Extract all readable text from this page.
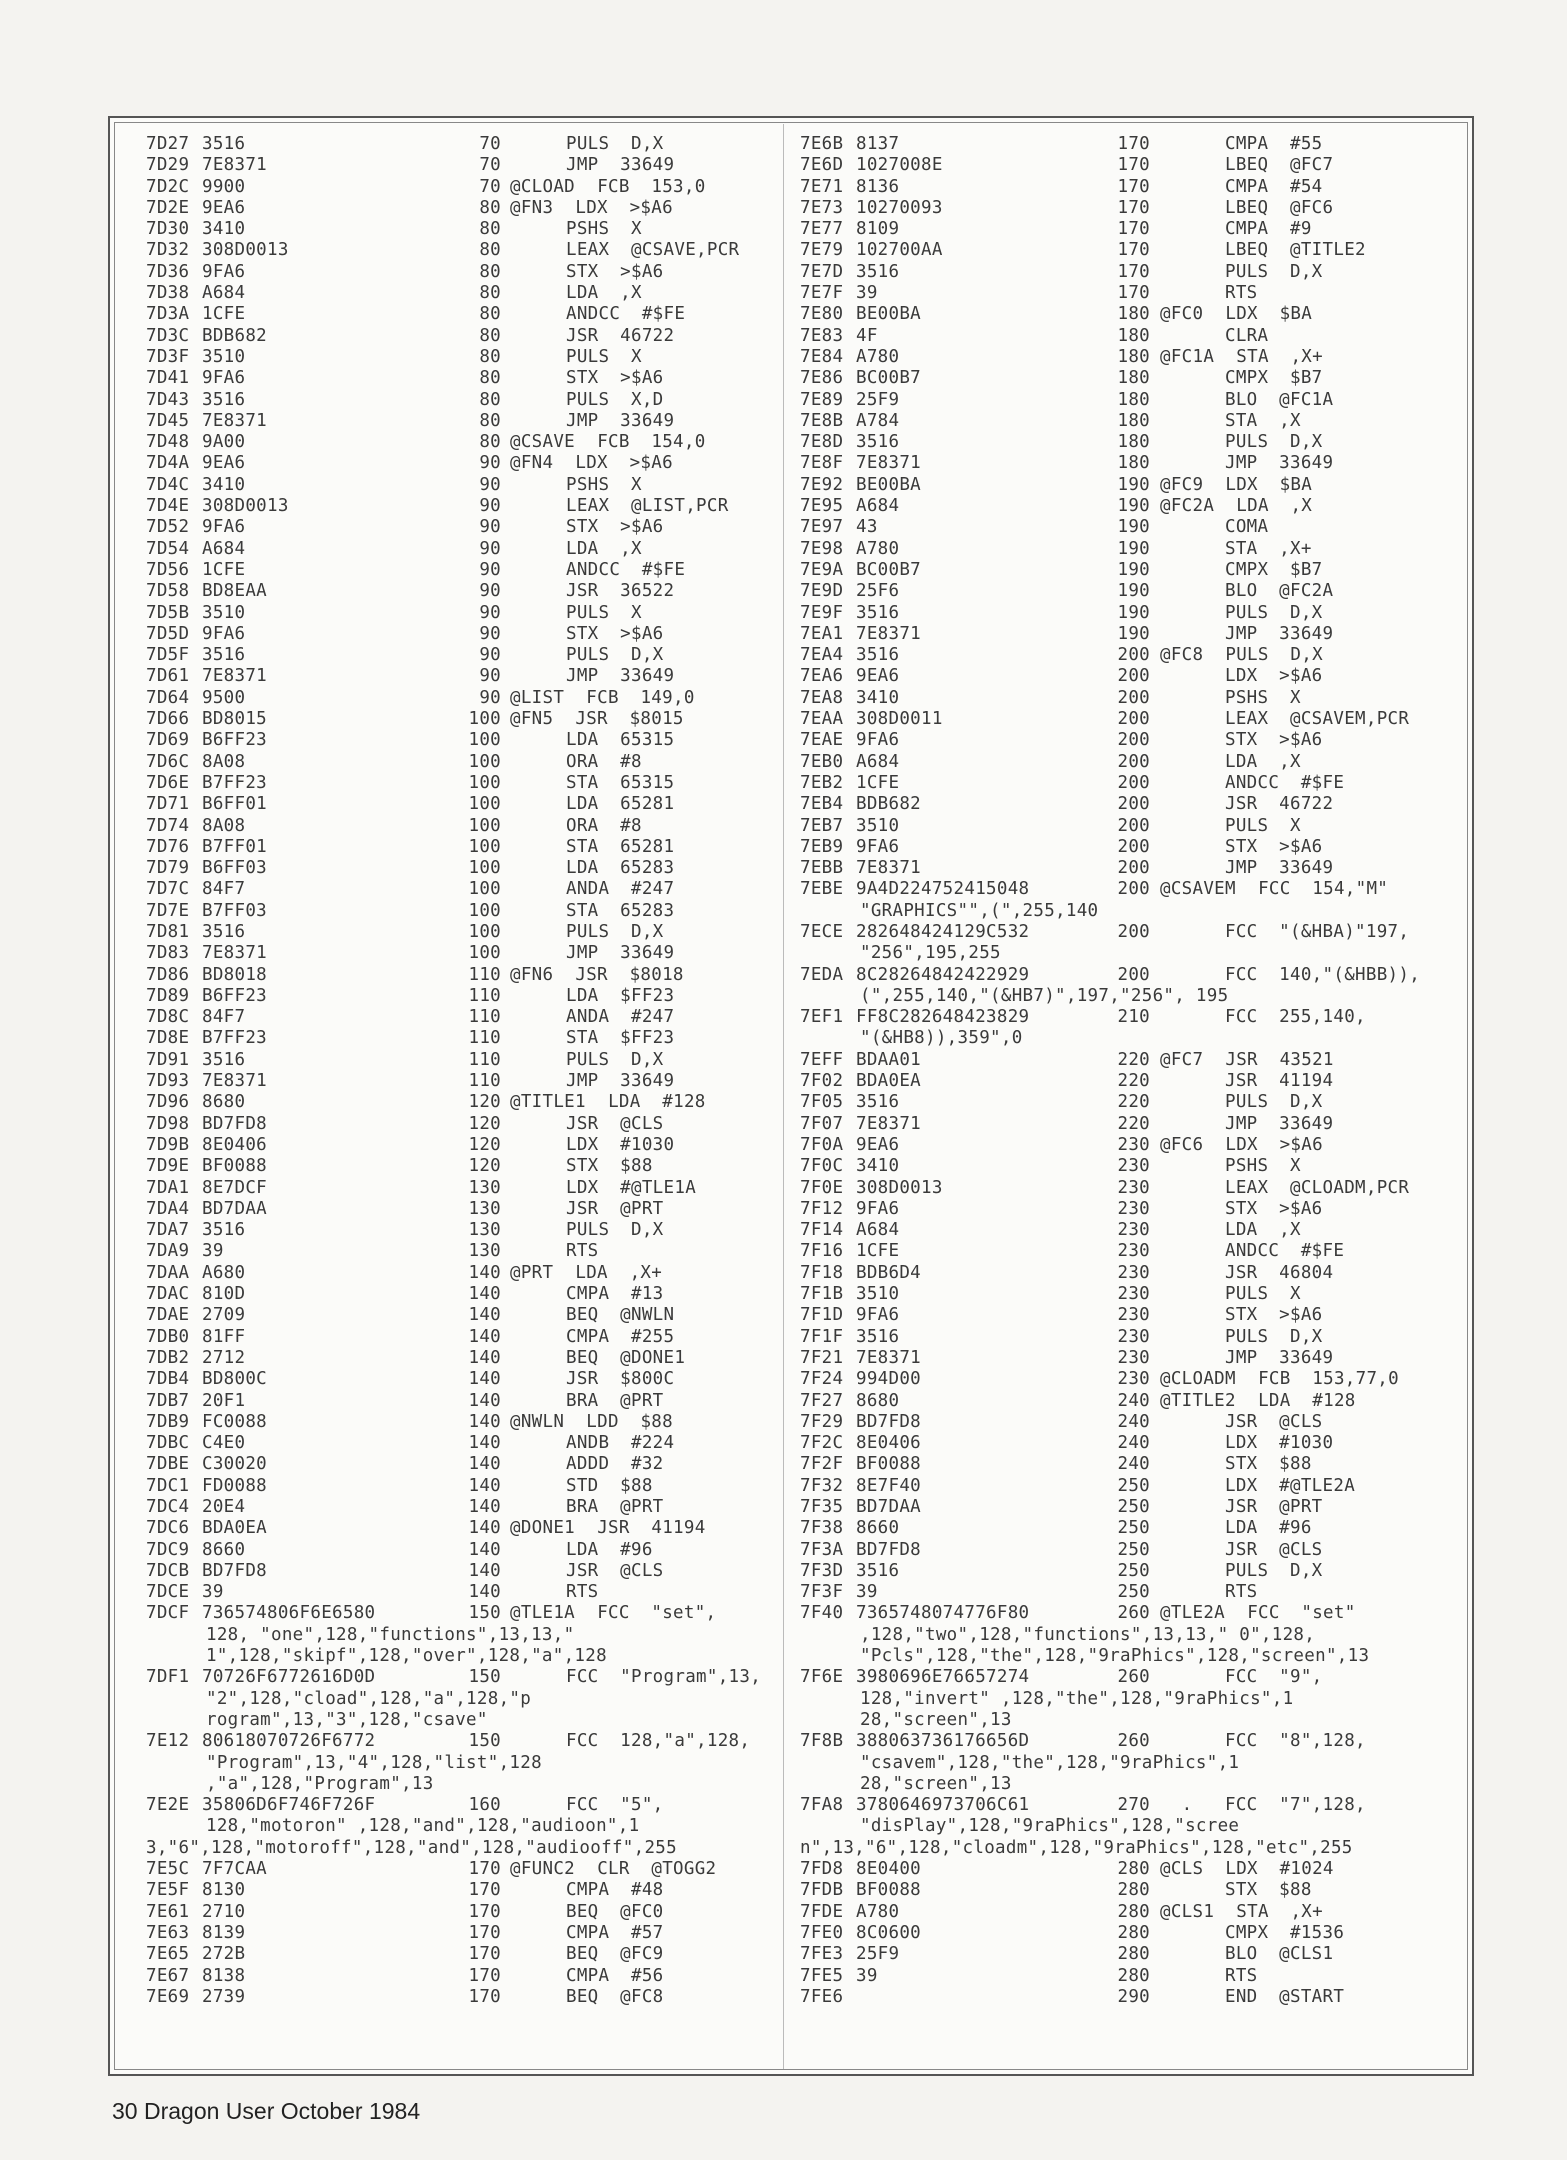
7D27 3516	70	PULS  D,X
7D29 7E8371	70	JMP  33649
7D2C 9900	70 @CLOAD FCB  153,0
7D2E 9EA6	80 @FN3 LDX  >$A6
7D30 3410	80	PSHS  X
7D32 308D0013	80	LEAX  @CSAVE,PCR
7D36 9FA6	80	STX  >$A6
7D38 A684	80	LDA  ,X
7D3A 1CFE	80	ANDCC  #$FE
7D3C BDB682	80	JSR  46722
7D3F 3510	80	PULS  X
7D41 9FA6	80	STX  >$A6
7D43 3516	80	PULS  X,D
7D45 7E8371	80	JMP  33649
7D48 9A00	80 @CSAVE FCB  154,0
7D4A 9EA6	90 @FN4 LDX  >$A6
7D4C 3410	90	PSHS  X
7D4E 308D0013	90	LEAX  @LIST,PCR
7D52 9FA6	90	STX  >$A6
7D54 A684	90	LDA  ,X
7D56 1CFE	90	ANDCC  #$FE
7D58 BD8EAA	90	JSR  36522
7D5B 3510	90	PULS  X
7D5D 9FA6	90	STX  >$A6
7D5F 3516	90	PULS  D,X
7D61 7E8371	90	JMP  33649
7D64 9500	90 @LIST FCB  149,0
7D66 BD8015	100 @FN5 JSR  $8015
7D69 B6FF23	100	LDA  65315
7D6C 8A08	100	ORA  #8
7D6E B7FF23	100	STA  65315
7D71 B6FF01	100	LDA  65281
7D74 8A08	100	ORA  #8
7D76 B7FF01	100	STA  65281
7D79 B6FF03	100	LDA  65283
7D7C 84F7	100	ANDA  #247
7D7E B7FF03	100	STA  65283
7D81 3516	100	PULS  D,X
7D83 7E8371	100	JMP  33649
7D86 BD8018	110 @FN6 JSR  $8018
7D89 B6FF23	110	LDA  $FF23
7D8C 84F7	110	ANDA  #247
7D8E B7FF23	110	STA  $FF23
7D91 3516	110	PULS  D,X
7D93 7E8371	110	JMP  33649
7D96 8680	120 @TITLE1 LDA  #128
7D98 BD7FD8	120	JSR  @CLS
7D9B 8E0406	120	LDX  #1030
7D9E BF0088	120	STX  $88
7DA1 8E7DCF	130	LDX  #@TLE1A
7DA4 BD7DAA	130	JSR  @PRT
7DA7 3516	130	PULS  D,X
7DA9 39	130	RTS
7DAA A680	140 @PRT LDA  ,X+
7DAC 810D	140	CMPA  #13
7DAE 2709	140	BEQ  @NWLN
7DB0 81FF	140	CMPA  #255
7DB2 2712	140	BEQ  @DONE1
7DB4 BD800C	140	JSR  $800C
7DB7 20F1	140	BRA  @PRT
7DB9 FC0088	140 @NWLN LDD  $88
7DBC C4E0	140	ANDB  #224
7DBE C30020	140	ADDD  #32
7DC1 FD0088	140	STD  $88
7DC4 20E4	140	BRA  @PRT
7DC6 BDA0EA	140 @DONE1 JSR  41194
7DC9 8660	140	LDA  #96
7DCB BD7FD8	140	JSR  @CLS
7DCE 39	140	RTS
7DCF 736574806F6E6580	150 @TLE1A FCC  "set",
128, "one",128,"functions",13,13,"
1",128,"skipf",128,"over",128,"a",128
7DF1 70726F6772616D0D	150	FCC  "Program",13,
"2",128,"cload",128,"a",128,"p
rogram",13,"3",128,"csave"
7E12 80618070726F6772	150	FCC  128,"a",128,
"Program",13,"4",128,"list",128
,"a",128,"Program",13
7E2E 35806D6F746F726F	160	FCC  "5",
128,"motoron" ,128,"and",128,"audioon",1
3,"6",128,"motoroff",128,"and",128,"audiooff",255
7E5C 7F7CAA	170 @FUNC2 CLR  @TOGG2
7E5F 8130	170	CMPA  #48
7E61 2710	170	BEQ  @FC0
7E63 8139	170	CMPA  #57
7E65 272B	170	BEQ  @FC9
7E67 8138	170	CMPA  #56
7E69 2739	170	BEQ  @FC8
7E6B 8137	170	CMPA  #55
7E6D 1027008E	170	LBEQ  @FC7
7E71 8136	170	CMPA  #54
7E73 10270093	170	LBEQ  @FC6
7E77 8109	170	CMPA  #9
7E79 102700AA	170	LBEQ  @TITLE2
7E7D 3516	170	PULS  D,X
7E7F 39	170	RTS
7E80 BE00BA	180 @FC0 LDX  $BA
7E83 4F	180	CLRA
7E84 A780	180 @FC1A STA  ,X+
7E86 BC00B7	180	CMPX  $B7
7E89 25F9	180	BLO  @FC1A
7E8B A784	180	STA  ,X
7E8D 3516	180	PULS  D,X
7E8F 7E8371	180	JMP  33649
7E92 BE00BA	190 @FC9 LDX  $BA
7E95 A684	190 @FC2A LDA  ,X
7E97 43	190	COMA
7E98 A780	190	STA  ,X+
7E9A BC00B7	190	CMPX  $B7
7E9D 25F6	190	BLO  @FC2A
7E9F 3516	190	PULS  D,X
7EA1 7E8371	190	JMP  33649
7EA4 3516	200 @FC8 PULS  D,X
7EA6 9EA6	200	LDX  >$A6
7EA8 3410	200	PSHS  X
7EAA 308D0011	200	LEAX  @CSAVEM,PCR
7EAE 9FA6	200	STX  >$A6
7EB0 A684	200	LDA  ,X
7EB2 1CFE	200	ANDCC  #$FE
7EB4 BDB682	200	JSR  46722
7EB7 3510	200	PULS  X
7EB9 9FA6	200	STX  >$A6
7EBB 7E8371	200	JMP  33649
7EBE 9A4D224752415048	200 @CSAVEM FCC  154,"M"
"GRAPHICS"",(",255,140
7ECE 282648424129C532	200	FCC  "(&HBA)"197,
"256",195,255
7EDA 8C28264842422929	200	FCC  140,"(&HBB)),
(",255,140,"(&HB7)",197,"256", 195
7EF1 FF8C282648423829	210	FCC  255,140,
"(&HB8)),359",0
7EFF BDAA01	220 @FC7 JSR  43521
7F02 BDA0EA	220	JSR  41194
7F05 3516	220	PULS  D,X
7F07 7E8371	220	JMP  33649
7F0A 9EA6	230 @FC6 LDX  >$A6
7F0C 3410	230	PSHS  X
7F0E 308D0013	230	LEAX  @CLOADM,PCR
7F12 9FA6	230	STX  >$A6
7F14 A684	230	LDA  ,X
7F16 1CFE	230	ANDCC  #$FE
7F18 BDB6D4	230	JSR  46804
7F1B 3510	230	PULS  X
7F1D 9FA6	230	STX  >$A6
7F1F 3516	230	PULS  D,X
7F21 7E8371	230	JMP  33649
7F24 994D00	230 @CLOADM FCB  153,77,0
7F27 8680	240 @TITLE2 LDA  #128
7F29 BD7FD8	240	JSR  @CLS
7F2C 8E0406	240	LDX  #1030
7F2F BF0088	240	STX  $88
7F32 8E7F40	250	LDX  #@TLE2A
7F35 BD7DAA	250	JSR  @PRT
7F38 8660	250	LDA  #96
7F3A BD7FD8	250	JSR  @CLS
7F3D 3516	250	PULS  D,X
7F3F 39	250	RTS
7F40 7365748074776F80	260 @TLE2A FCC  "set"
,128,"two",128,"functions",13,13," 0",128,
"Pcls",128,"the",128,"9raPhics",128,"screen",13
7F6E 3980696E76657274	260	FCC  "9",
128,"invert" ,128,"the",128,"9raPhics",1
28,"screen",13
7F8B 388063736176656D	260	FCC  "8",128,
"csavem",128,"the",128,"9raPhics",1
28,"screen",13
7FA8 3780646973706C61	270 . FCC  "7",128,
"disPlay",128,"9raPhics",128,"scree
n",13,"6",128,"cloadm",128,"9raPhics",128,"etc",255
7FD8 8E0400	280 @CLS LDX  #1024
7FDB BF0088	280	STX  $88
7FDE A780	280 @CLS1 STA  ,X+
7FE0 8C0600	280	CMPX  #1536
7FE3 25F9	280	BLO  @CLS1
7FE5 39	280	RTS
7FE6	290	END  @START
30 Dragon User October 1984
